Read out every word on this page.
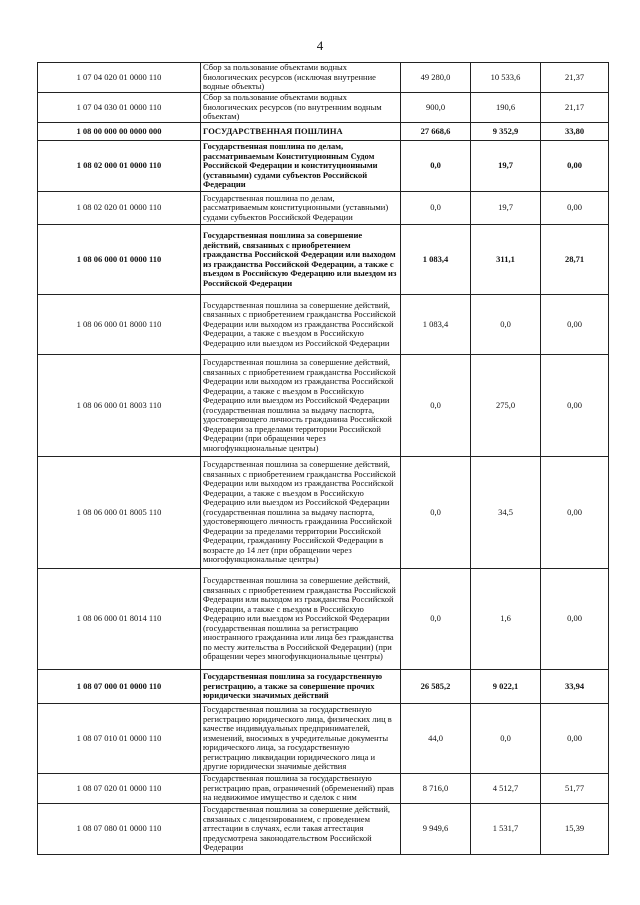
4
1 07 04 020 01 0000 110	Сбор за пользование объектами водных биологических ресурсов (исключая внутренние водные объекты)	49 280,0	10 533,6	21,37
1 07 04 030 01 0000 110	Сбор за пользование объектами водных биологических ресурсов (по внутренним водным объектам)	900,0	190,6	21,17
1 08 00 000 00 0000 000	ГОСУДАРСТВЕННАЯ ПОШЛИНА	27 668,6	9 352,9	33,80
1 08 02 000 01 0000 110	Государственная пошлина по делам, рассматриваемым Конституционным Судом Российской Федерации и конституционными (уставными) судами субъектов Российской Федерации	0,0	19,7	0,00
1 08 02 020 01 0000 110	Государственная пошлина по делам, рассматриваемым конституционными (уставными) судами субъектов Российской Федерации	0,0	19,7	0,00
1 08 06 000 01 0000 110	Государственная пошлина за совершение действий, связанных с приобретением гражданства Российской Федерации или выходом из гражданства Российской Федерации, а также с въездом в Российскую Федерацию или выездом из Российской Федерации	1 083,4	311,1	28,71
1 08 06 000 01 8000 110	Государственная пошлина за совершение действий, связанных с приобретением гражданства Российской Федерации или выходом из гражданства Российской Федерации, а также с въездом в Российскую Федерацию или выездом из Российской Федерации	1 083,4	0,0	0,00
1 08 06 000 01 8003 110	Государственная пошлина за совершение действий, связанных с приобретением гражданства Российской Федерации или выходом из гражданства Российской Федерации, а также с въездом в Российскую Федерацию или выездом из Российской Федерации (государственная пошлина за выдачу паспорта, удостоверяющего личность гражданина Российской Федерации за пределами территории Российской Федерации (при обращении через многофункциональные центры)	0,0	275,0	0,00
1 08 06 000 01 8005 110	Государственная пошлина за совершение действий, связанных с приобретением гражданства Российской Федерации или выходом из гражданства Российской Федерации, а также с въездом в Российскую Федерацию или выездом из Российской Федерации (государственная пошлина за выдачу паспорта, удостоверяющего личность гражданина Российской Федерации за пределами территории Российской Федерации, гражданину Российской Федерации в возрасте до 14 лет (при обращении через многофункциональные центры)	0,0	34,5	0,00
1 08 06 000 01 8014 110	Государственная пошлина за совершение действий, связанных с приобретением гражданства Российской Федерации или выходом из гражданства Российской Федерации, а также с въездом в Российскую Федерацию или выездом из Российской Федерации (государственная пошлина за регистрацию иностранного гражданина или лица без гражданства по месту жительства в Российской Федерации) (при обращении через многофункциональные центры)	0,0	1,6	0,00
1 08 07 000 01 0000 110	Государственная пошлина за государственную регистрацию, а также за совершение прочих юридически значимых действий	26 585,2	9 022,1	33,94
1 08 07 010 01 0000 110	Государственная пошлина за государственную регистрацию юридического лица, физических лиц в качестве индивидуальных предпринимателей, изменений, вносимых в учредительные документы юридического лица, за государственную регистрацию ликвидации юридического лица и другие юридически значимые действия	44,0	0,0	0,00
1 08 07 020 01 0000 110	Государственная пошлина за государственную регистрацию прав, ограничений (обременений) прав на недвижимое имущество и сделок с ним	8 716,0	4 512,7	51,77
1 08 07 080 01 0000 110	Государственная пошлина за совершение действий, связанных с лицензированием, с проведением аттестации в случаях, если такая аттестация предусмотрена законодательством Российской Федерации	9 949,6	1 531,7	15,39
